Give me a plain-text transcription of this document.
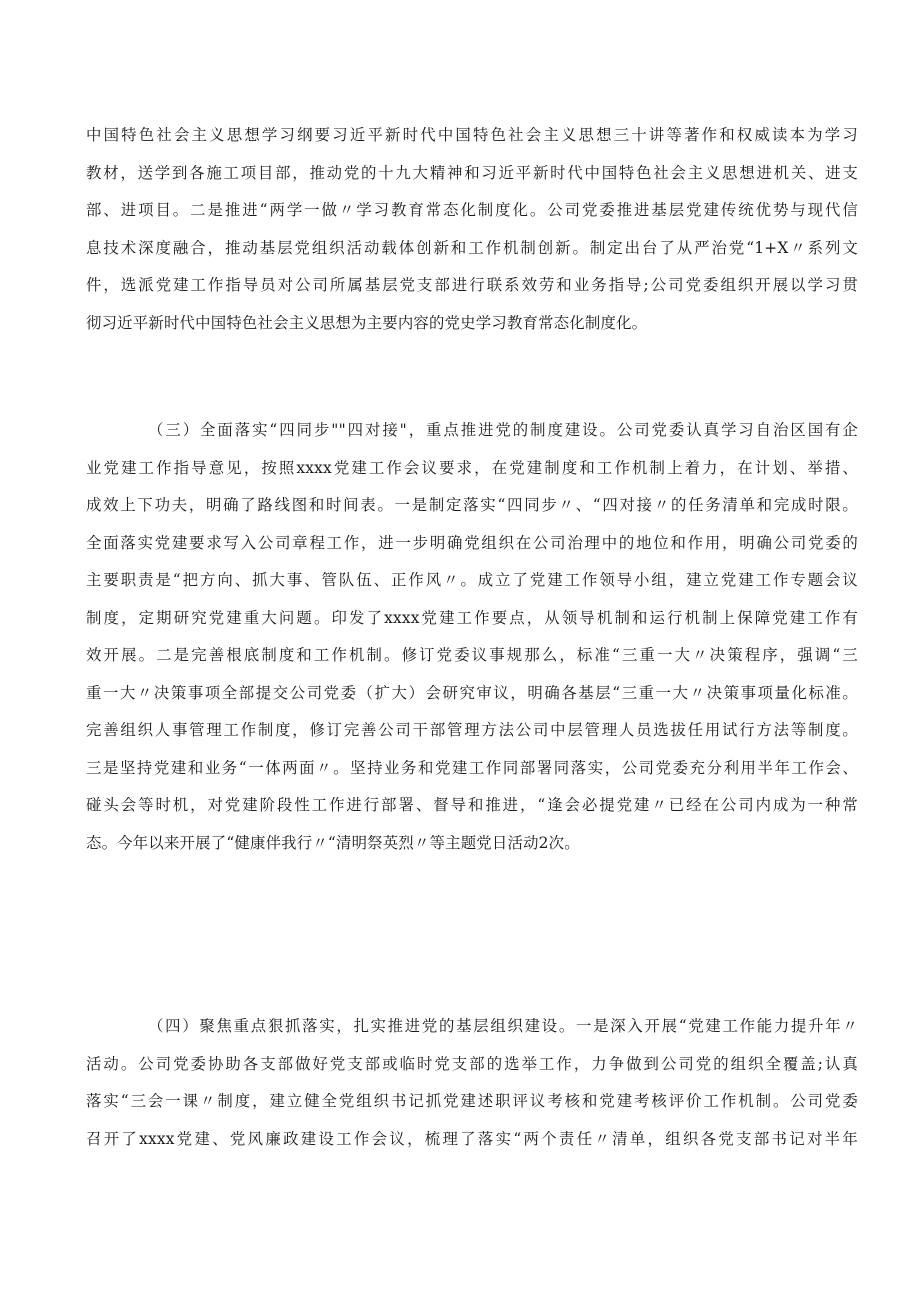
中国特色社会主义思想学习纲要习近平新时代中国特色社会主义思想三十讲等著作和权威读本为学习
教材，送学到各施工项目部，推动党的十九大精神和习近平新时代中国特色社会主义思想进机关、进支
部、进项目。二是推进“两学一做〃学习教育常态化制度化。公司党委推进基层党建传统优势与现代信
息技术深度融合，推动基层党组织活动载体创新和工作机制创新。制定出台了从严治党“1+X〃系列文
件，选派党建工作指导员对公司所属基层党支部进行联系效劳和业务指导;公司党委组织开展以学习贯
彻习近平新时代中国特色社会主义思想为主要内容的党史学习教育常态化制度化。
（三）全面落实“四同步""四对接"，重点推进党的制度建设。公司党委认真学习自治区国有企
业党建工作指导意见，按照xxxx党建工作会议要求，在党建制度和工作机制上着力，在计划、举措、
成效上下功夫，明确了路线图和时间表。一是制定落实“四同步〃、“四对接〃的任务清单和完成时限。
全面落实党建要求写入公司章程工作，进一步明确党组织在公司治理中的地位和作用，明确公司党委的
主要职责是“把方向、抓大事、管队伍、正作风〃。成立了党建工作领导小组，建立党建工作专题会议
制度，定期研究党建重大问题。印发了xxxx党建工作要点，从领导机制和运行机制上保障党建工作有
效开展。二是完善根底制度和工作机制。修订党委议事规那么，标准“三重一大〃决策程序，强调“三
重一大〃决策事项全部提交公司党委（扩大）会研究审议，明确各基层“三重一大〃决策事项量化标准。
完善组织人事管理工作制度，修订完善公司干部管理方法公司中层管理人员选拔任用试行方法等制度。
三是坚持党建和业务“一体两面〃。坚持业务和党建工作同部署同落实，公司党委充分利用半年工作会、
碰头会等时机，对党建阶段性工作进行部署、督导和推进，“逢会必提党建〃已经在公司内成为一种常
态。今年以来开展了“健康伴我行〃“清明祭英烈〃等主题党日活动2次。
（四）聚焦重点狠抓落实，扎实推进党的基层组织建设。一是深入开展“党建工作能力提升年〃
活动。公司党委协助各支部做好党支部或临时党支部的选举工作，力争做到公司党的组织全覆盖;认真
落实“三会一课〃制度，建立健全党组织书记抓党建述职评议考核和党建考核评价工作机制。公司党委
召开了xxxx党建、党风廉政建设工作会议，梳理了落实“两个责任〃清单，组织各党支部书记对半年
